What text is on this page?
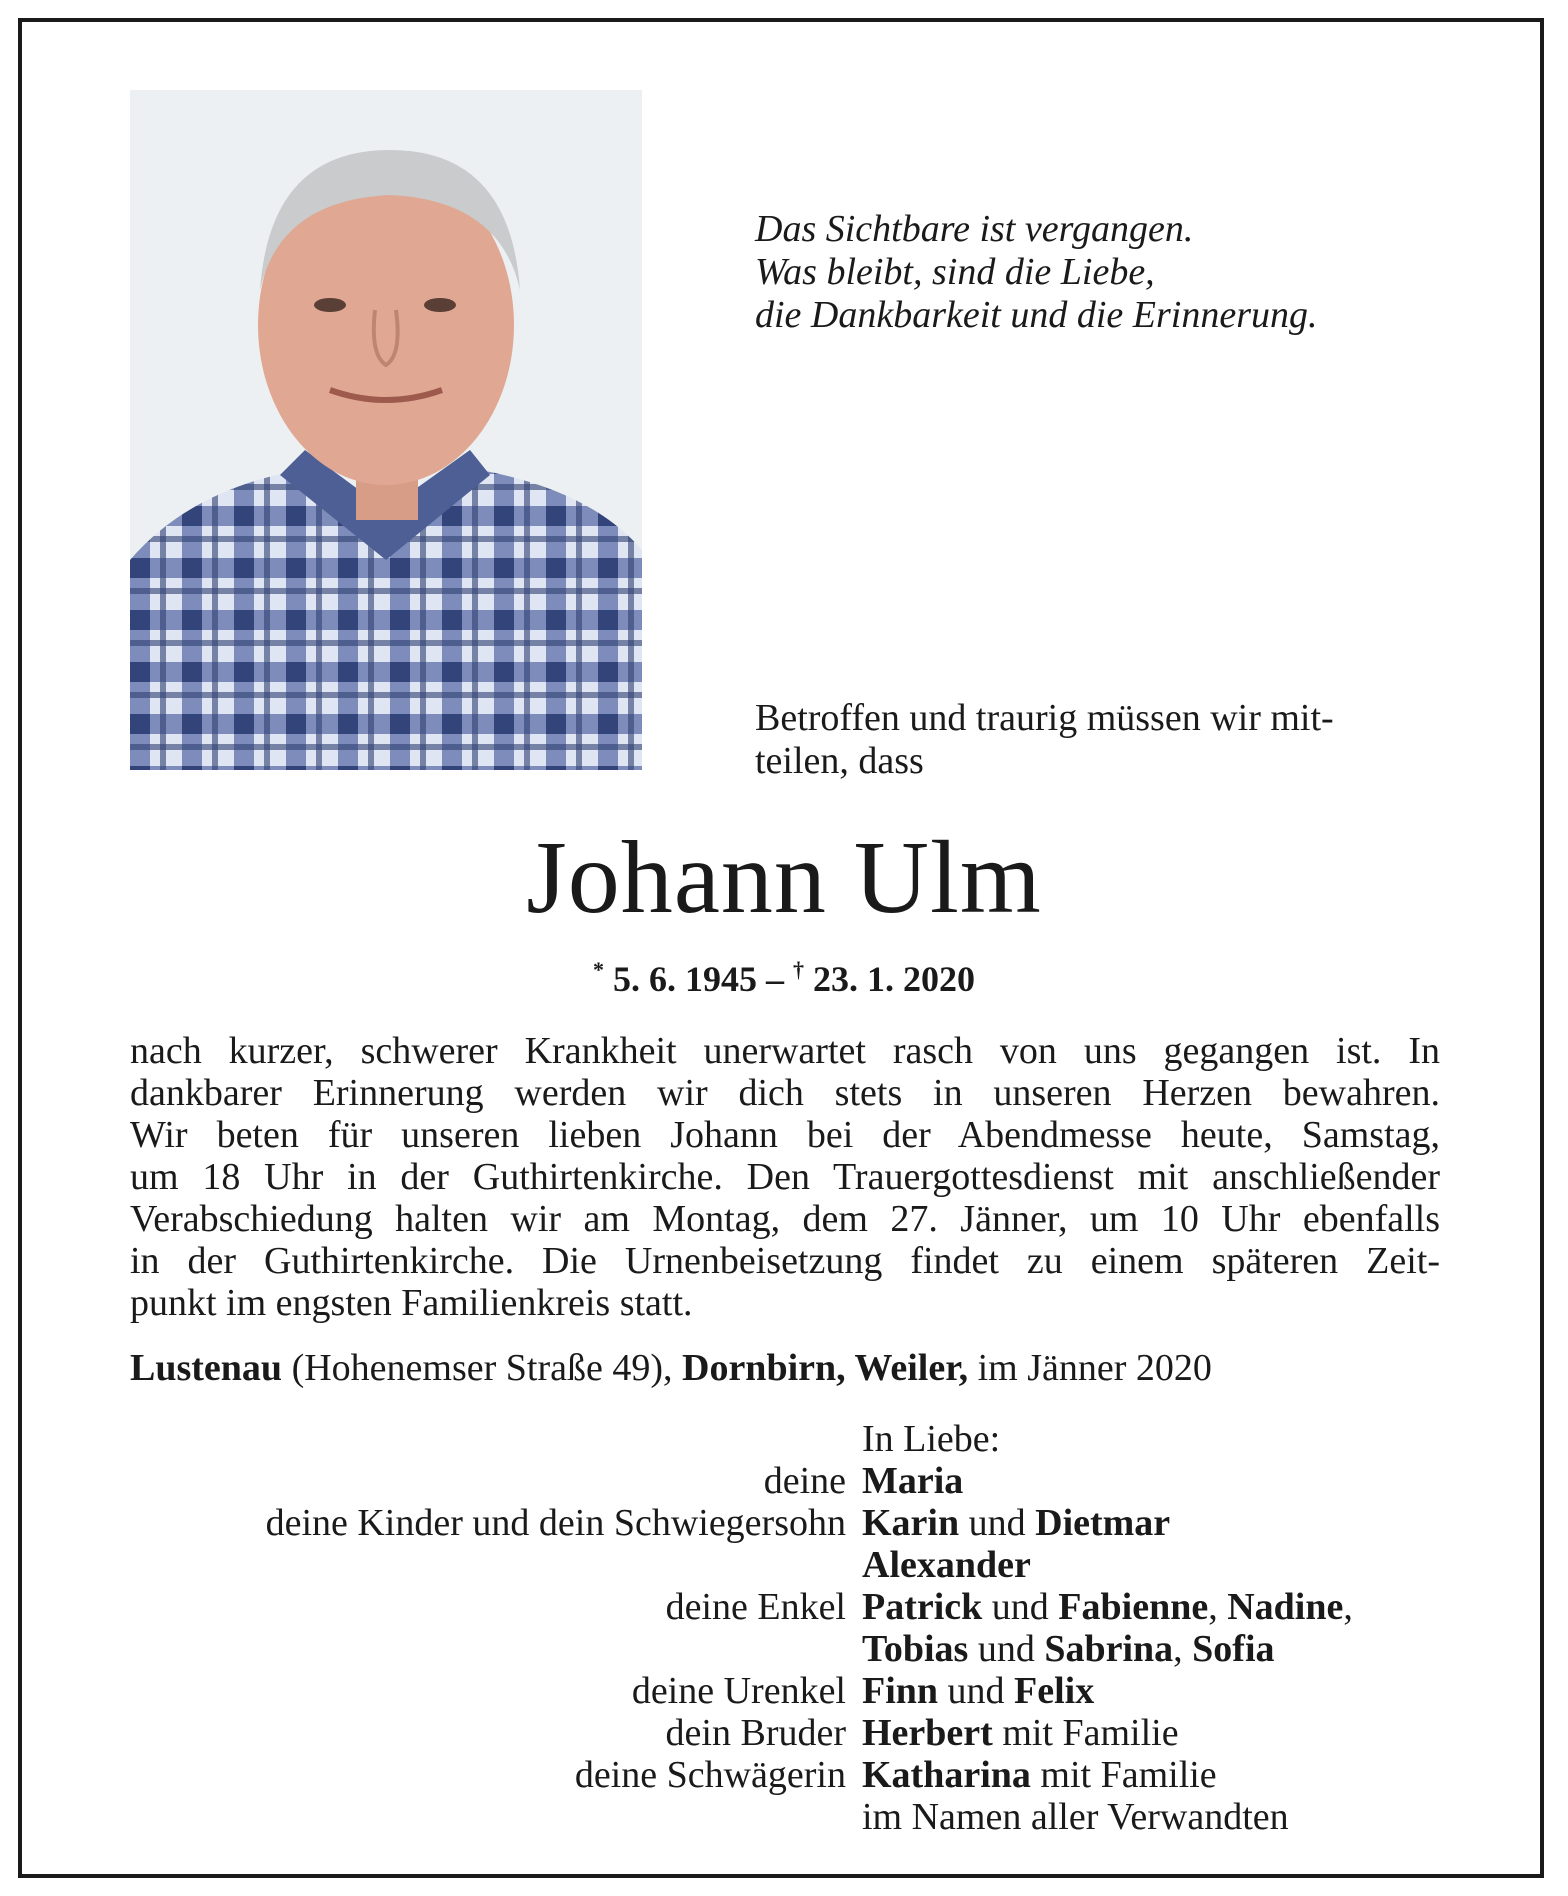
Das Sichtbare ist vergangen.
Was bleibt, sind die Liebe,
die Dankbarkeit und die Erinnerung.
Betroffen und traurig müssen wir mit-
teilen, dass
Johann Ulm
* 5. 6. 1945 – † 23. 1. 2020
nach kurzer, schwerer Krankheit unerwartet rasch von uns gegangen ist. In
dankbarer Erinnerung werden wir dich stets in unseren Herzen bewahren.
Wir beten für unseren lieben Johann bei der Abendmesse heute, Samstag,
um 18 Uhr in der Guthirtenkirche. Den Trauergottesdienst mit anschließender
Verabschiedung halten wir am Montag, dem 27. Jänner, um 10 Uhr ebenfalls
in der Guthirtenkirche. Die Urnenbeisetzung findet zu einem späteren Zeit-
punkt im engsten Familienkreis statt.
Lustenau (Hohenemser Straße 49), Dornbirn, Weiler, im Jänner 2020
In Liebe:
deine Maria
deine Kinder und dein Schwiegersohn Karin und Dietmar
Alexander
deine Enkel Patrick und Fabienne, Nadine,
Tobias und Sabrina, Sofia
deine Urenkel Finn und Felix
dein Bruder Herbert mit Familie
deine Schwägerin Katharina mit Familie
im Namen aller Verwandten
